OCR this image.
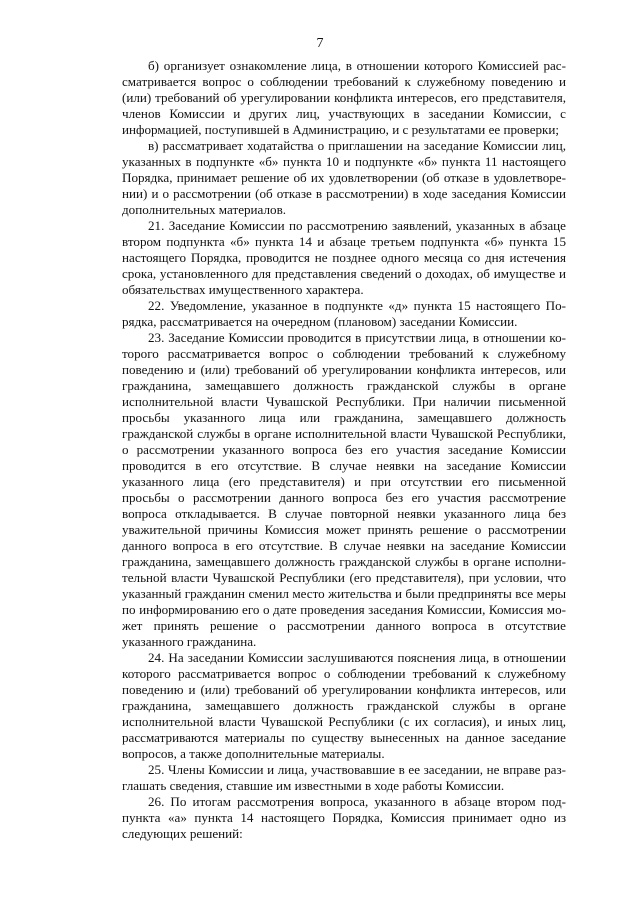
7

б) организует ознакомление лица, в отношении которого Комиссией рассматривается вопрос о соблюдении требований к служебному поведению и (или) требований об урегулировании конфликта интересов, его представителя, членов Комиссии и других лиц, участвующих в заседании Комиссии, с информацией, поступившей в Администрацию, и с результатами ее проверки;

в) рассматривает ходатайства о приглашении на заседание Комиссии лиц, указанных в подпункте «б» пункта 10 и подпункте «б» пункта 11 настоящего Порядка, принимает решение об их удовлетворении (об отказе в удовлетворении) и о рассмотрении (об отказе в рассмотрении) в ходе заседания Комиссии дополнительных материалов.

21. Заседание Комиссии по рассмотрению заявлений, указанных в абзаце втором подпункта «б» пункта 14 и абзаце третьем подпункта «б» пункта 15 настоящего Порядка, проводится не позднее одного месяца со дня истечения срока, установленного для представления сведений о доходах, об имуществе и обязательствах имущественного характера.

22. Уведомление, указанное в подпункте «д» пункта 15 настоящего Порядка, рассматривается на очередном (плановом) заседании Комиссии.

23. Заседание Комиссии проводится в присутствии лица, в отношении которого рассматривается вопрос о соблюдении требований к служебному поведению и (или) требований об урегулировании конфликта интересов, или гражданина, замещавшего должность гражданской службы в органе исполнительной власти Чувашской Республики. При наличии письменной просьбы указанного лица или гражданина, замещавшего должность гражданской службы в органе исполнительной власти Чувашской Республики, о рассмотрении указанного вопроса без его участия заседание Комиссии проводится в его отсутствие. В случае неявки на заседание Комиссии указанного лица (его представителя) и при отсутствии его письменной просьбы о рассмотрении данного вопроса без его участия рассмотрение вопроса откладывается. В случае повторной неявки указанного лица без уважительной причины Комиссия может принять решение о рассмотрении данного вопроса в его отсутствие. В случае неявки на заседание Комиссии гражданина, замещавшего должность гражданской службы в органе исполнительной власти Чувашской Республики (его представителя), при условии, что указанный гражданин сменил место жительства и были предприняты все меры по информированию его о дате проведения заседания Комиссии, Комиссия может принять решение о рассмотрении данного вопроса в отсутствие указанного гражданина.

24. На заседании Комиссии заслушиваются пояснения лица, в отношении которого рассматривается вопрос о соблюдении требований к служебному поведению и (или) требований об урегулировании конфликта интересов, или гражданина, замещавшего должность гражданской службы в органе исполнительной власти Чувашской Республики (с их согласия), и иных лиц, рассматриваются материалы по существу вынесенных на данное заседание вопросов, а также дополнительные материалы.

25. Члены Комиссии и лица, участвовавшие в ее заседании, не вправе разглашать сведения, ставшие им известными в ходе работы Комиссии.

26. По итогам рассмотрения вопроса, указанного в абзаце втором подпункта «а» пункта 14 настоящего Порядка, Комиссия принимает одно из следующих решений:
